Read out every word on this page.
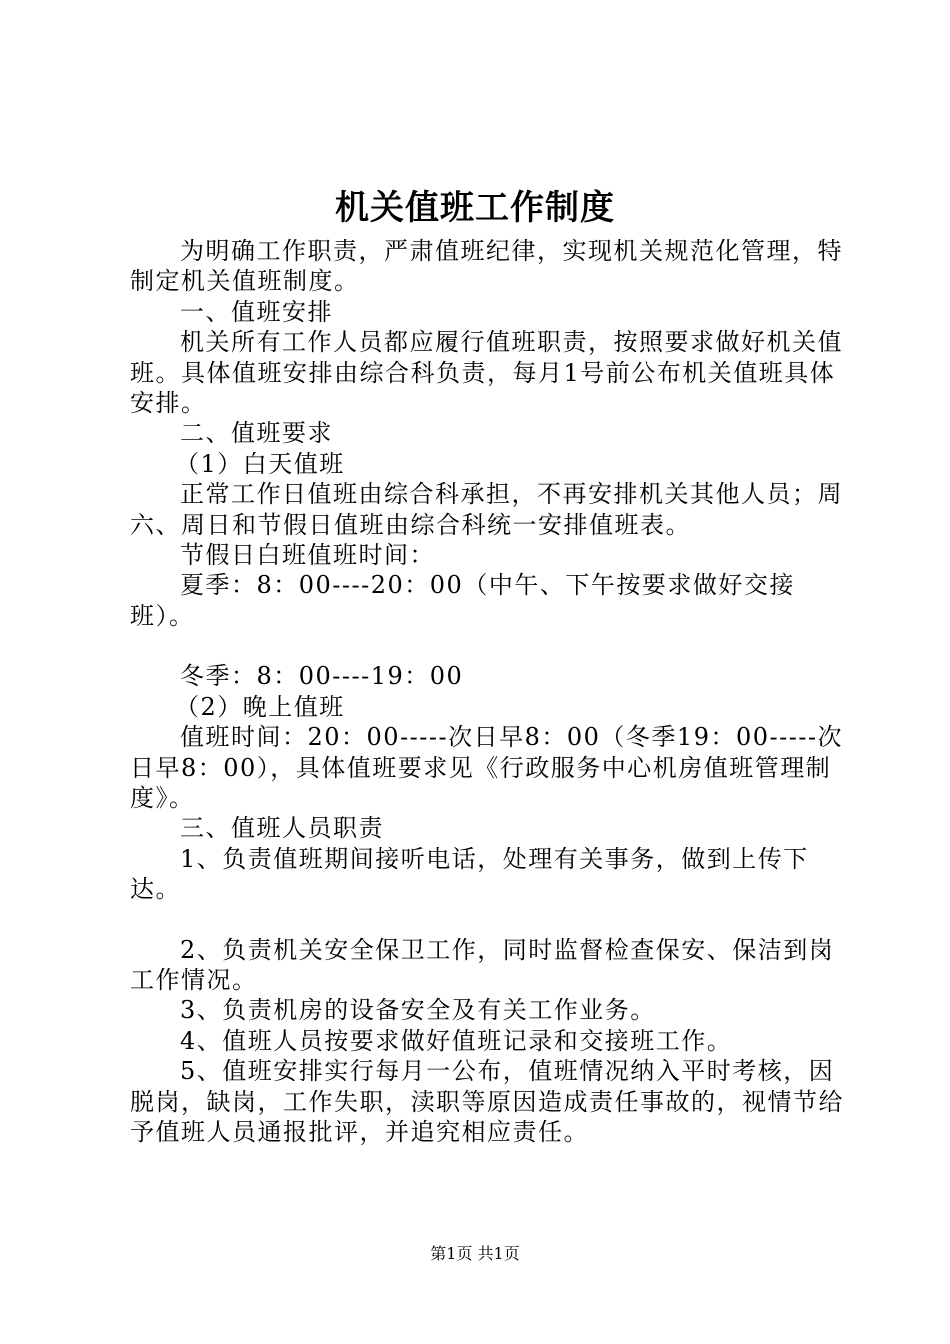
机关值班工作制度

为明确工作职责，严肃值班纪律，实现机关规范化管理，特制定机关值班制度。

一、值班安排

机关所有工作人员都应履行值班职责，按照要求做好机关值班。具体值班安排由综合科负责，每月1号前公布机关值班具体安排。

二、值班要求

（1）白天值班

正常工作日值班由综合科承担，不再安排机关其他人员；周六、周日和节假日值班由综合科统一安排值班表。

节假日白班值班时间：

夏季：8：00----20：00（中午、下午按要求做好交接班）。

冬季：8：00----19：00

（2）晚上值班

值班时间：20：00-----次日早8：00（冬季19：00-----次日早8：00），具体值班要求见《行政服务中心机房值班管理制度》。

三、值班人员职责

1、负责值班期间接听电话，处理有关事务，做到上传下达。

2、负责机关安全保卫工作，同时监督检查保安、保洁到岗工作情况。

3、负责机房的设备安全及有关工作业务。

4、值班人员按要求做好值班记录和交接班工作。

5、值班安排实行每月一公布，值班情况纳入平时考核，因脱岗，缺岗，工作失职，渎职等原因造成责任事故的，视情节给予值班人员通报批评，并追究相应责任。

第1页 共1页
